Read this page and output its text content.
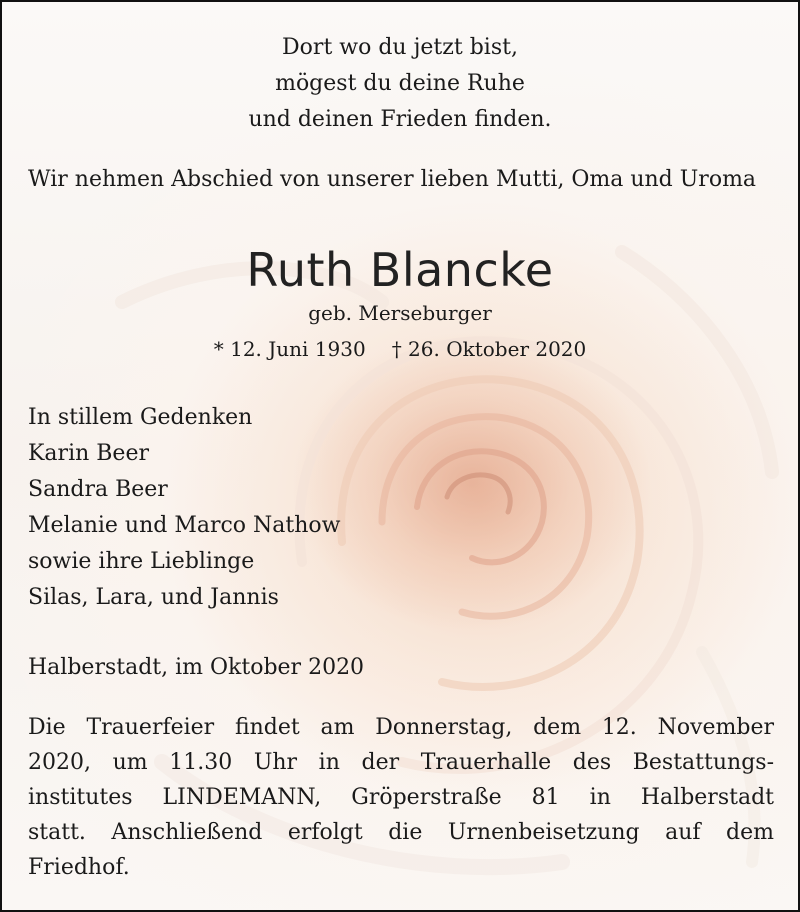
Dort wo du jetzt bist,
mögest du deine Ruhe
und deinen Frieden finden.
Wir nehmen Abschied von unserer lieben Mutti, Oma und Uroma
Ruth Blancke
geb. Merseburger
* 12. Juni 1930 † 26. Oktober 2020
In stillem Gedenken
Karin Beer
Sandra Beer
Melanie und Marco Nathow
sowie ihre Lieblinge
Silas, Lara, und Jannis
Halberstadt, im Oktober 2020
Die Trauerfeier findet am Donnerstag, dem 12. November
2020, um 11.30 Uhr in der Trauerhalle des Bestattungs-
institutes LINDEMANN, Gröperstraße 81 in Halberstadt
statt. Anschließend erfolgt die Urnenbeisetzung auf dem
Friedhof.
